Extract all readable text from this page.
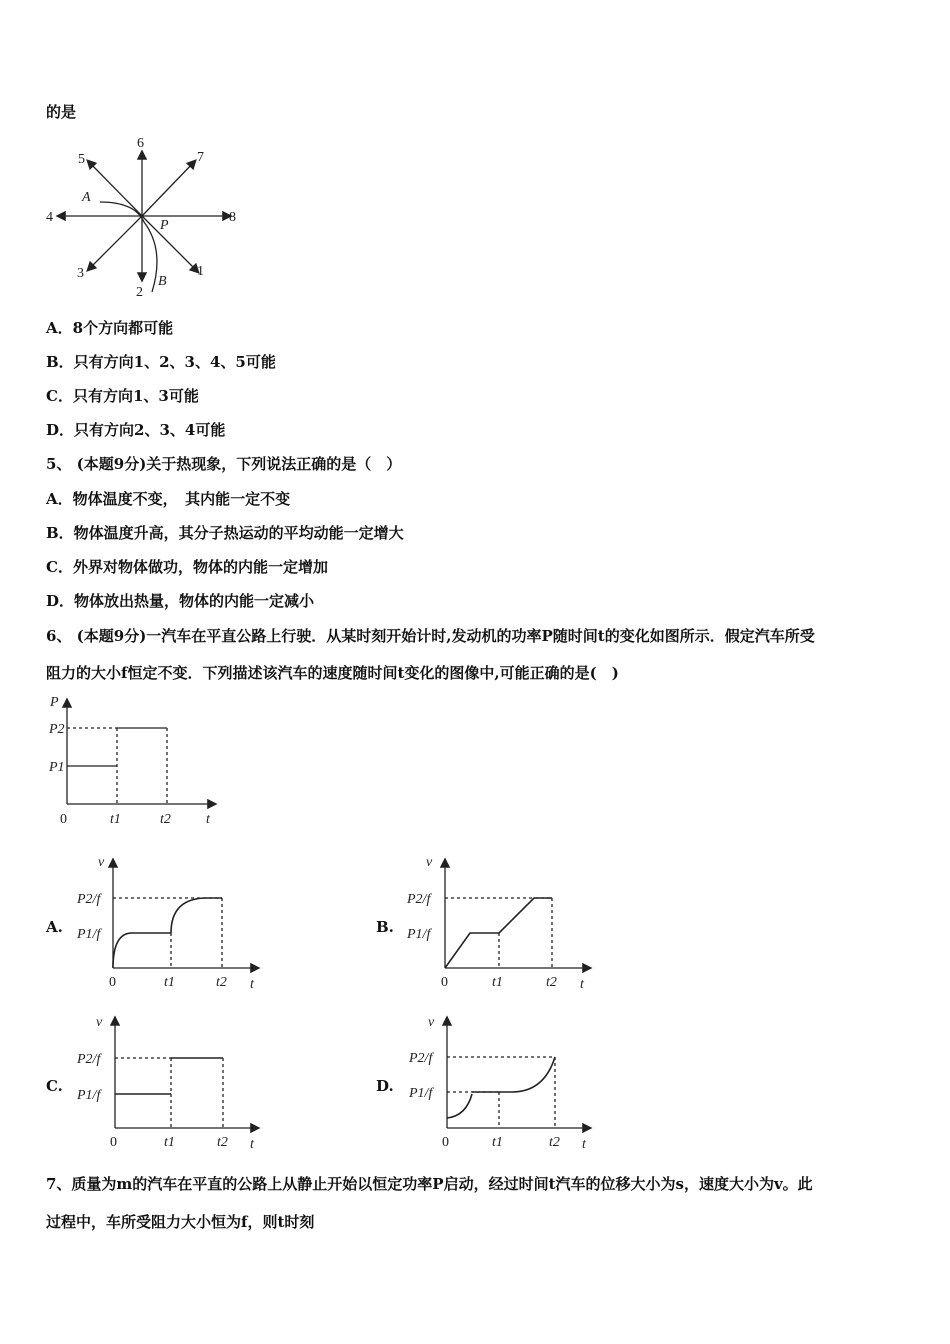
的是
1
2
3
4
5
6
7
8
A
P
B
A．8个方向都可能
B．只有方向1、2、3、4、5可能
C．只有方向1、3可能
D．只有方向2、3、4可能
5、 (本题9分)关于热现象，下列说法正确的是（　）
A．物体温度不变，　其内能一定不变
B．物体温度升高，其分子热运动的平均动能一定增大
C．外界对物体做功，物体的内能一定增加
D．物体放出热量，物体的内能一定减小
6、 (本题9分)一汽车在平直公路上行驶．从某时刻开始计时,发动机的功率P随时间t的变化如图所示．假定汽车所受
阻力的大小f恒定不变．下列描述该汽车的速度随时间t变化的图像中,可能正确的是(　)
P
P2
P1
0	t1	t2	t
A.	B.
C.	D.
v
P2/f
P1/f
0	t1	t2 t
v
P2/f
P1/f
0	t1	t2 t
v
P2/f
P1/f
0	t1	t2 t
v
P2/f
P1/f
0	t1	t2 t
7、质量为m的汽车在平直的公路上从静止开始以恒定功率P启动，经过时间t汽车的位移大小为s，速度大小为v。此
过程中，车所受阻力大小恒为f，则t时刻
